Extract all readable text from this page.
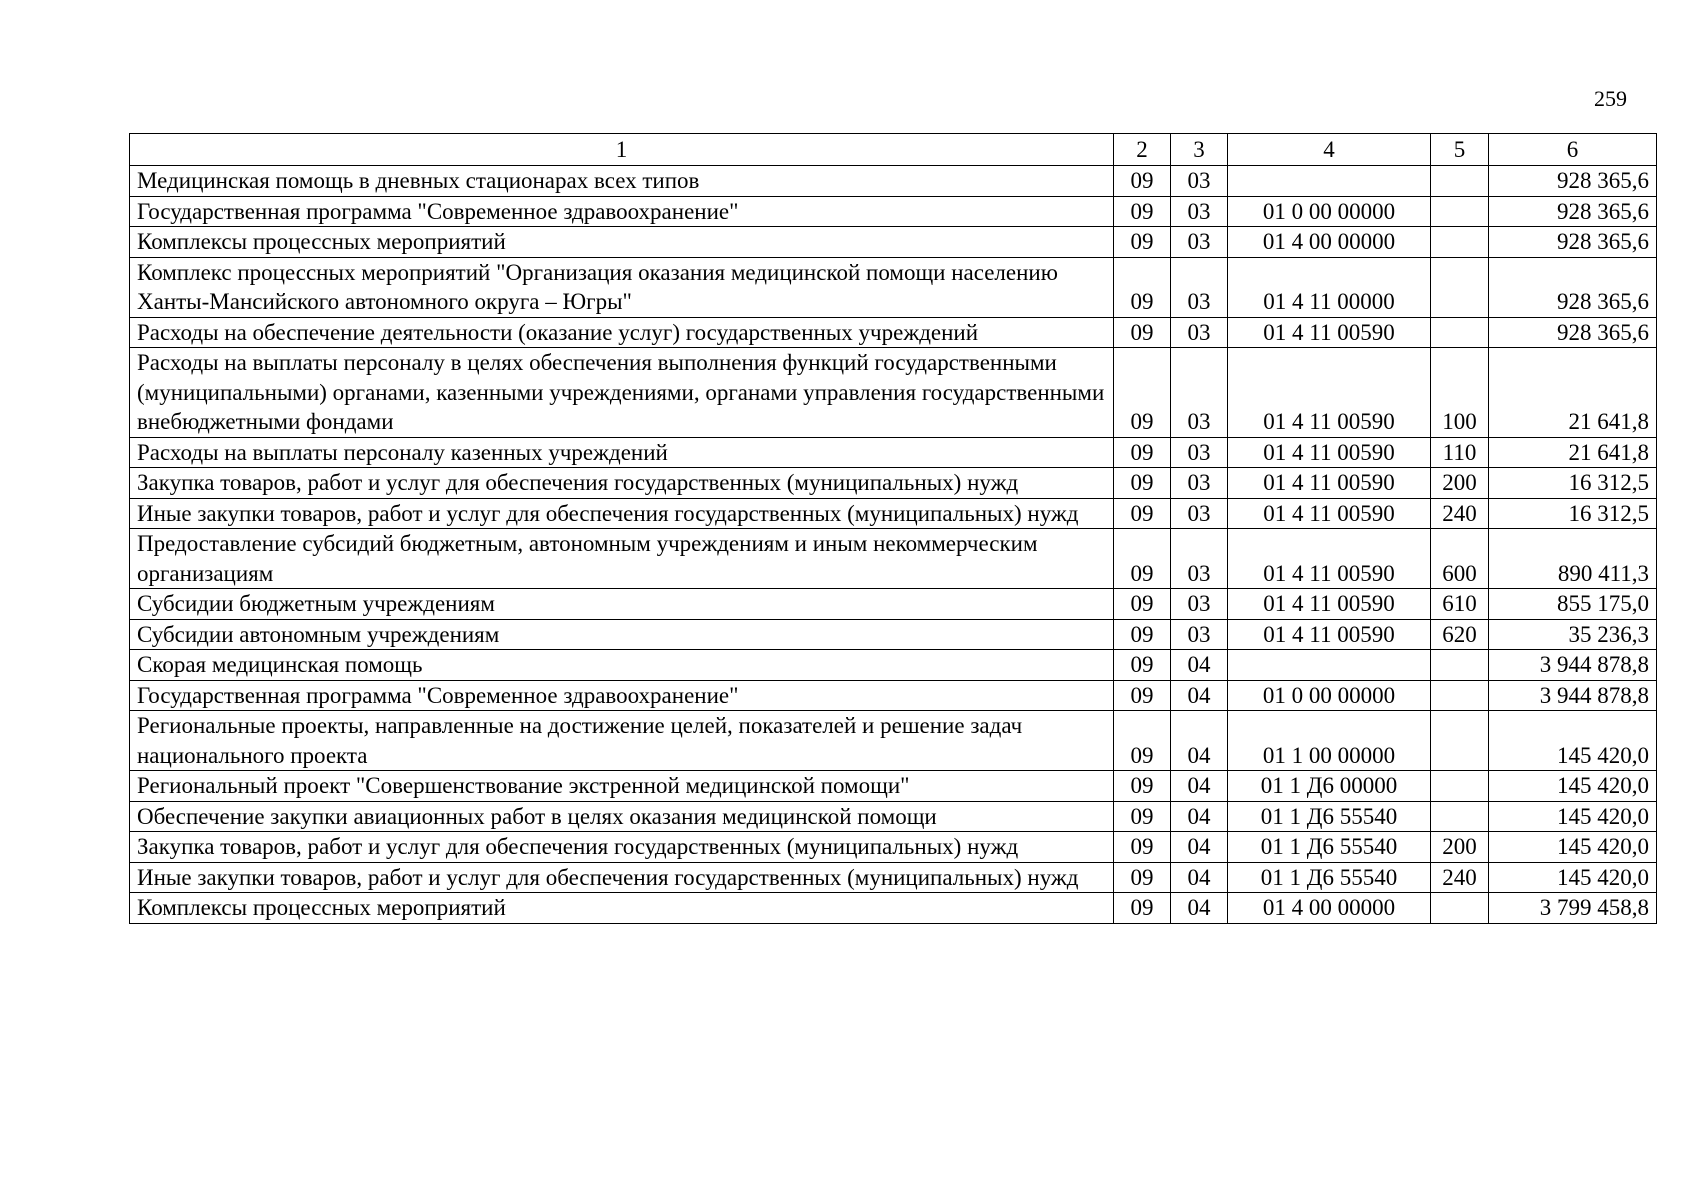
259
1	2	3	4	5	6
Медицинская помощь в дневных стационарах всех типов	09	03			928 365,6
Государственная программа "Современное здравоохранение"	09	03	01 0 00 00000		928 365,6
Комплексы процессных мероприятий	09	03	01 4 00 00000		928 365,6
Комплекс процессных мероприятий "Организация оказания медицинской помощи населению Ханты-Мансийского автономного округа – Югры"	09	03	01 4 11 00000		928 365,6
Расходы на обеспечение деятельности (оказание услуг) государственных учреждений	09	03	01 4 11 00590		928 365,6
Расходы на выплаты персоналу в целях обеспечения выполнения функций государственными (муниципальными) органами, казенными учреждениями, органами управления государственными внебюджетными фондами	09	03	01 4 11 00590	100	21 641,8
Расходы на выплаты персоналу казенных учреждений	09	03	01 4 11 00590	110	21 641,8
Закупка товаров, работ и услуг для обеспечения государственных (муниципальных) нужд	09	03	01 4 11 00590	200	16 312,5
Иные закупки товаров, работ и услуг для обеспечения государственных (муниципальных) нужд	09	03	01 4 11 00590	240	16 312,5
Предоставление субсидий бюджетным, автономным учреждениям и иным некоммерческим организациям	09	03	01 4 11 00590	600	890 411,3
Субсидии бюджетным учреждениям	09	03	01 4 11 00590	610	855 175,0
Субсидии автономным учреждениям	09	03	01 4 11 00590	620	35 236,3
Скорая медицинская помощь	09	04			3 944 878,8
Государственная программа "Современное здравоохранение"	09	04	01 0 00 00000		3 944 878,8
Региональные проекты, направленные на достижение целей, показателей и решение задач национального проекта	09	04	01 1 00 00000		145 420,0
Региональный проект "Совершенствование экстренной медицинской помощи"	09	04	01 1 Д6 00000		145 420,0
Обеспечение закупки авиационных работ в целях оказания медицинской помощи	09	04	01 1 Д6 55540		145 420,0
Закупка товаров, работ и услуг для обеспечения государственных (муниципальных) нужд	09	04	01 1 Д6 55540	200	145 420,0
Иные закупки товаров, работ и услуг для обеспечения государственных (муниципальных) нужд	09	04	01 1 Д6 55540	240	145 420,0
Комплексы процессных мероприятий	09	04	01 4 00 00000		3 799 458,8
